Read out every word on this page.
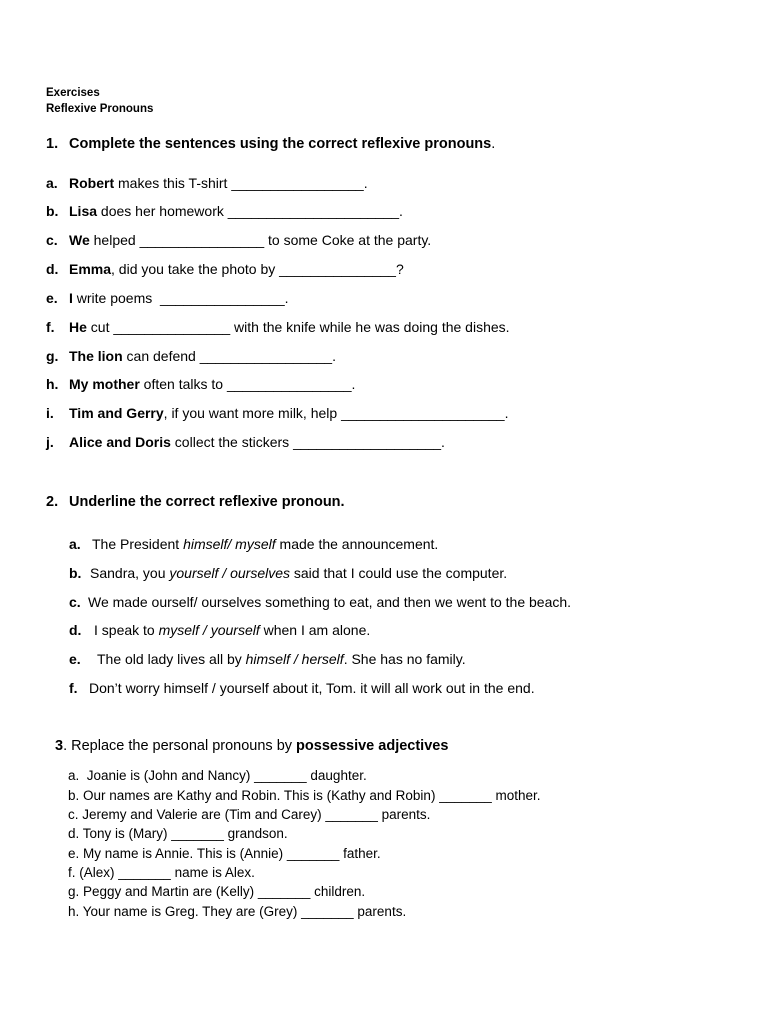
Exercises
Reflexive Pronouns
1. Complete the sentences using the correct reflexive pronouns.
a. Robert makes this T-shirt _________________.
b. Lisa does her homework ______________________.
c. We helped ________________ to some Coke at the party.
d. Emma, did you take the photo by _______________?
e. I write poems  ________________.
f. He cut _______________ with the knife while he was doing the dishes.
g. The lion can defend _________________.
h. My mother often talks to ________________.
i. Tim and Gerry, if you want more milk, help _____________________.
j. Alice and Doris collect the stickers ___________________.
2. Underline the correct reflexive pronoun.
a. The President himself/ myself made the announcement.
b. Sandra, you yourself / ourselves said that I could use the computer.
c. We made ourself/ ourselves something to eat, and then we went to the beach.
d. I speak to myself / yourself when I am alone.
e. The old lady lives all by himself / herself. She has no family.
f. Don’t worry himself / yourself about it, Tom. it will all work out in the end.
3. Replace the personal pronouns by possessive adjectives
a.  Joanie is (John and Nancy) _______ daughter.
b. Our names are Kathy and Robin. This is (Kathy and Robin) _______ mother.
c. Jeremy and Valerie are (Tim and Carey) _______ parents.
d. Tony is (Mary) _______ grandson.
e. My name is Annie. This is (Annie) _______ father.
f. (Alex) _______ name is Alex.
g. Peggy and Martin are (Kelly) _______ children.
h. Your name is Greg. They are (Grey) _______ parents.
